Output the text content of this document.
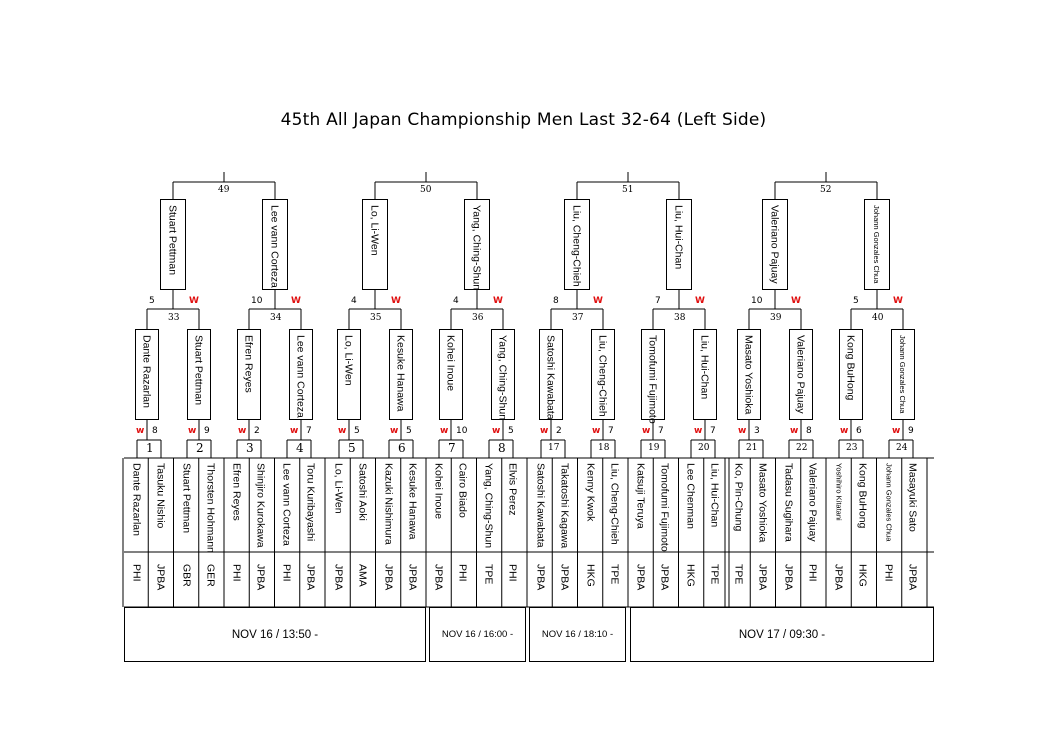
45th All Japan Championship Men Last 32-64 (Left Side)
49
Stuart Pettman
5	W
Lee vann Corteza
10	W
33
Dante Razarlan
w 8
Stuart Pettman
w 9
34
Efren Reyes
w 2
Lee vann Corteza
w 7
50
Lo, Li-Wen
4	W
Yang, Ching-Shun
4	W
35
Lo, Li-Wen
w 5
Kesuke Hanawa
w 5
36
Kohei Inoue
w 10
Yang, Ching-Shun
w 5
51
Liu, Cheng-Chieh
8	W
Liu, Hui-Chan
7	W
37
Satoshi Kawabata
w 2
Liu, Cheng-Chieh
w 7
38
Tomofumi Fujimoto
w 7
Liu, Hui-Chan
w 7
52
Valeriano Pajuay
10	W
Johann Gonzales Chua
5	W
39
Masato Yoshioka
w 3
Valeriano Pajuay
w 8
40
Kong BuHong
w 6
Johann Gonzales Chua
w 9
1
Dante Razarlan
PHI
Tasuku Nishio
JPBA
2
Stuart Pettman
GBR
Thorsten Hohmann
GER
3
Efren Reyes
PHI
Shinjiro Kurokawa
JPBA
4
Lee vann Corteza
PHI
Toru Kuribayashi
JPBA
5
Lo, Li-Wen
JPBA
Satoshi Aoki
AMA
6
Kazuki Nishimura
JPBA
Kesuke Hanawa
JPBA
7
Kohei Inoue
JPBA
Cairo Biado
PHI
8
Yang, Ching-Shun
TPE
Elvis Perez
PHI
17
Satoshi Kawabata
JPBA
Takatoshi Kagawa
JPBA
18
Kenny Kwok
HKG
Liu, Cheng-Chieh
TPE
19
Katsuji Teruya
JPBA
Tomofumi Fujimoto
JPBA
20
Lee Chenman
HKG
Liu, Hui-Chan
TPE
21
Ko, Pin-Chung
TPE
Masato Yoshioka
JPBA
22
Tadasu Sugihara
JPBA
Valeriano Pajuay
PHI
23
Yoshihiro Kitatani
JPBA
Kong BuHong
HKG
24
Johann Gonzales Chua
PHI
Masayuki Sato
JPBA
NOV 16 / 13:50 -	NOV 16 / 16:00 -	NOV 16 / 18:10 -	NOV 17 / 09:30 -
